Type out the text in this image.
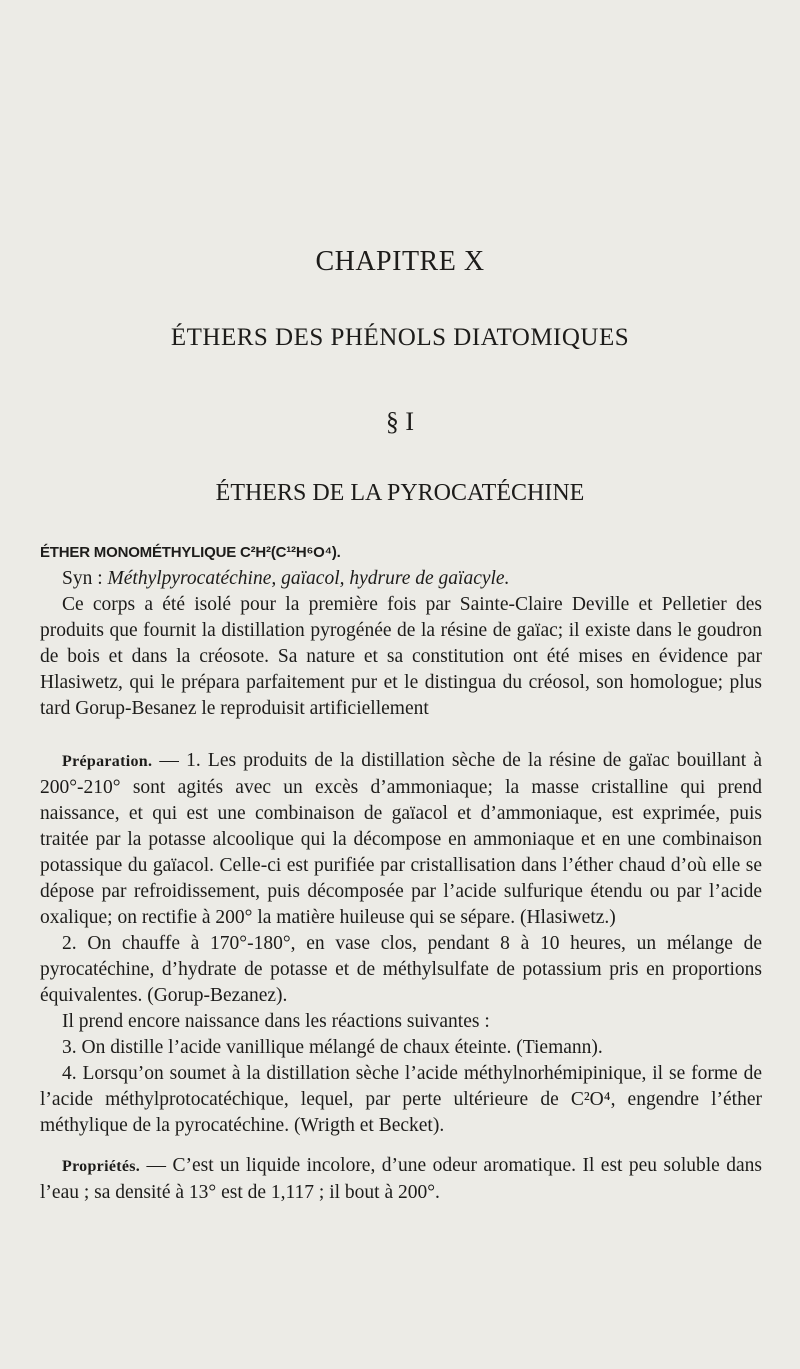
CHAPITRE X
ÉTHERS DES PHÉNOLS DIATOMIQUES
§ I
ÉTHERS DE LA PYROCATÉCHINE

ÉTHER MONOMÉTHYLIQUE C²H²(C¹²H⁶O⁴).

Syn : Méthylpyrocatéchine, gaïacol, hydrure de gaïacyle.

Ce corps a été isolé pour la première fois par Sainte-Claire Deville et Pelletier des produits que fournit la distillation pyrogénée de la résine de gaïac; il existe dans le goudron de bois et dans la créosote. Sa nature et sa constitution ont été mises en évidence par Hlasiwetz, qui le prépara parfaitement pur et le distingua du créosol, son homologue; plus tard Gorup-Besanez le reproduisit artificiellement

Préparation. — 1. Les produits de la distillation sèche de la résine de gaïac bouillant à 200°-210° sont agités avec un excès d’ammoniaque; la masse cristalline qui prend naissance, et qui est une combinaison de gaïacol et d’ammoniaque, est exprimée, puis traitée par la potasse alcoolique qui la décompose en ammoniaque et en une combinaison potassique du gaïacol. Celle-ci est purifiée par cristallisation dans l’éther chaud d’où elle se dépose par refroidissement, puis décomposée par l’acide sulfurique étendu ou par l’acide oxalique; on rectifie à 200° la matière huileuse qui se sépare. (Hlasiwetz.)

2. On chauffe à 170°-180°, en vase clos, pendant 8 à 10 heures, un mélange de pyrocatéchine, d’hydrate de potasse et de méthylsulfate de potassium pris en proportions équivalentes. (Gorup-Bezanez).

Il prend encore naissance dans les réactions suivantes :

3. On distille l’acide vanillique mélangé de chaux éteinte. (Tiemann).

4. Lorsqu’on soumet à la distillation sèche l’acide méthylnorhémipinique, il se forme de l’acide méthylprotocatéchique, lequel, par perte ultérieure de C²O⁴, engendre l’éther méthylique de la pyrocatéchine. (Wrigth et Becket).

Propriétés. — C’est un liquide incolore, d’une odeur aromatique. Il est peu soluble dans l’eau ; sa densité à 13° est de 1,117 ; il bout à 200°.
